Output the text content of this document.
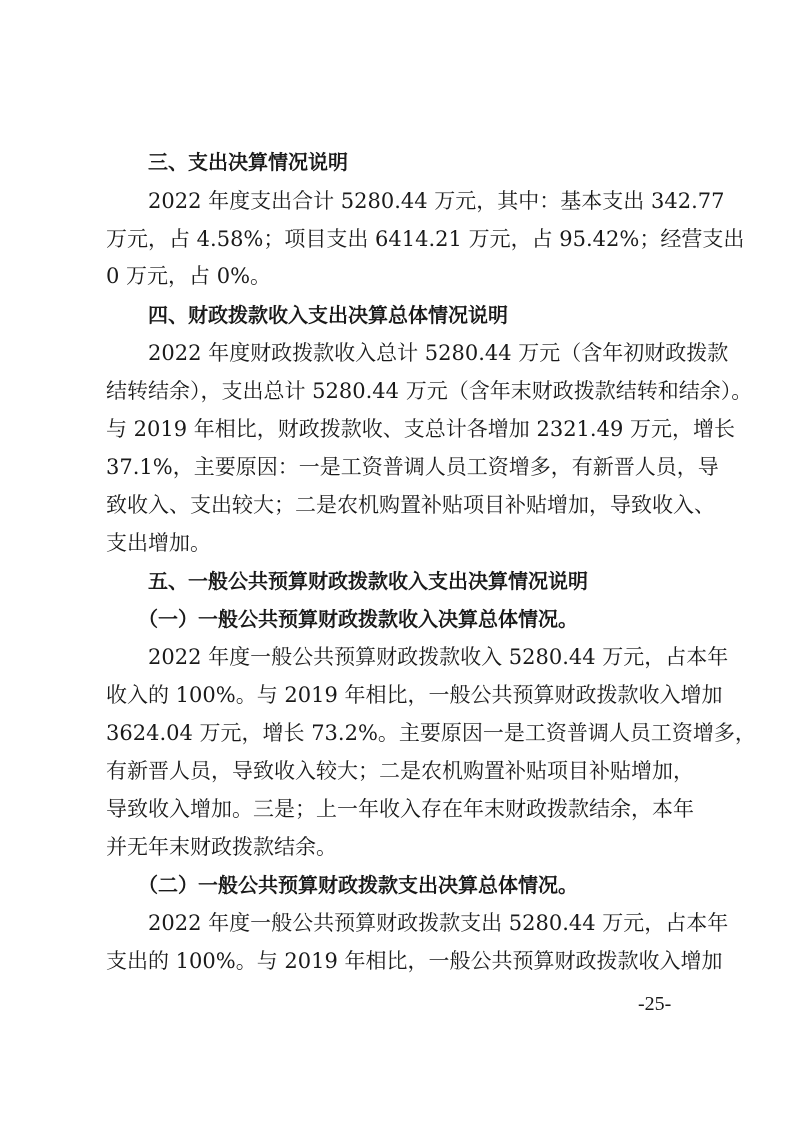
三、支出决算情况说明
2022 年度支出合计 5280.44 万元，其中：基本支出 342.77
万元，占 4.58%；项目支出 6414.21 万元，占 95.42%；经营支出
0 万元，占 0%。
四、财政拨款收入支出决算总体情况说明
2022 年度财政拨款收入总计 5280.44 万元（含年初财政拨款
结转结余），支出总计 5280.44 万元（含年末财政拨款结转和结余）。
与 2019 年相比，财政拨款收、支总计各增加 2321.49 万元，增长
37.1%，主要原因：一是工资普调人员工资增多，有新晋人员，导
致收入、支出较大；二是农机购置补贴项目补贴增加，导致收入、
支出增加。
五、一般公共预算财政拨款收入支出决算情况说明
（一）一般公共预算财政拨款收入决算总体情况。
2022 年度一般公共预算财政拨款收入 5280.44 万元，占本年
收入的 100%。与 2019 年相比，一般公共预算财政拨款收入增加
3624.04 万元，增长 73.2%。主要原因一是工资普调人员工资增多，
有新晋人员，导致收入较大；二是农机购置补贴项目补贴增加，
导致收入增加。三是；上一年收入存在年末财政拨款结余，本年
并无年末财政拨款结余。
（二）一般公共预算财政拨款支出决算总体情况。
2022 年度一般公共预算财政拨款支出 5280.44 万元，占本年
支出的 100%。与 2019 年相比，一般公共预算财政拨款收入增加
-25-
